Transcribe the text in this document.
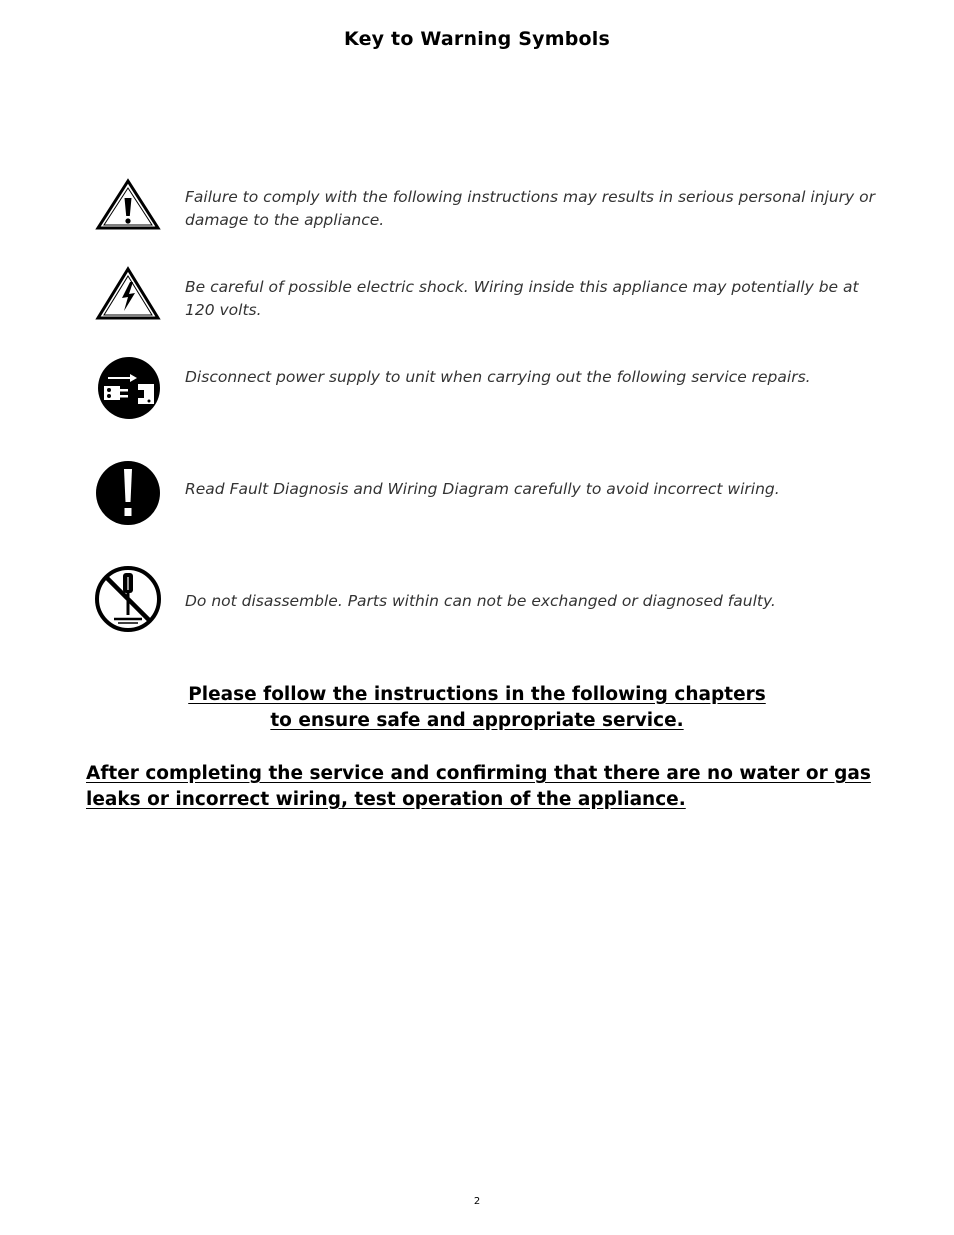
Key to Warning Symbols
Failure to comply with the following instructions may results in serious personal injury or damage to the appliance.
Be careful of possible electric shock. Wiring inside this appliance may potentially be at 120 volts.
Disconnect power supply to unit when carrying out the following service repairs.
Read Fault Diagnosis and Wiring Diagram carefully to avoid incorrect wiring.
Do not disassemble. Parts within can not be exchanged or diagnosed faulty.
Please follow the instructions in the following chapters
to ensure safe and appropriate service.
After completing the service and confirming that there are no water or gas leaks or incorrect wiring, test operation of the appliance.
2
